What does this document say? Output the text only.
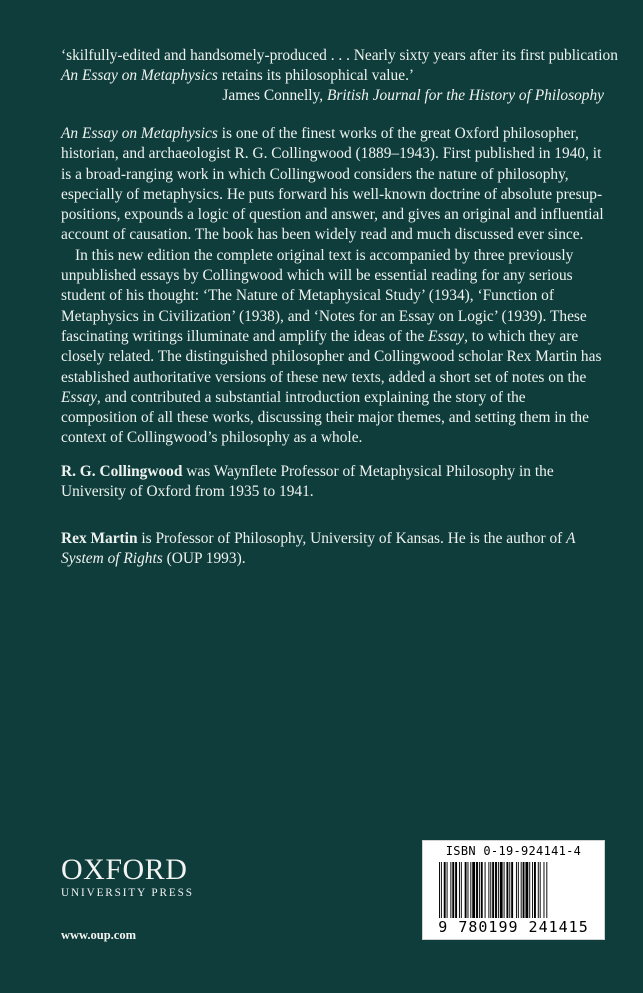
‘skilfully-edited and handsomely-produced . . . Nearly sixty years after its first publication
An Essay on Metaphysics retains its philosophical value.’
James Connelly, British Journal for the History of Philosophy

An Essay on Metaphysics is one of the finest works of the great Oxford philosopher, historian, and archaeologist R. G. Collingwood (1889–1943). First published in 1940, it is a broad-ranging work in which Collingwood considers the nature of philosophy, especially of metaphysics. He puts forward his well-known doctrine of absolute presup-positions, expounds a logic of question and answer, and gives an original and influential account of causation. The book has been widely read and much discussed ever since.

In this new edition the complete original text is accompanied by three previously unpublished essays by Collingwood which will be essential reading for any serious student of his thought: ‘The Nature of Metaphysical Study’ (1934), ‘Function of Metaphysics in Civilization’ (1938), and ‘Notes for an Essay on Logic’ (1939). These fascinating writings illuminate and amplify the ideas of the Essay, to which they are closely related. The distinguished philosopher and Collingwood scholar Rex Martin has established authoritative versions of these new texts, added a short set of notes on the Essay, and contributed a substantial introduction explaining the story of the composition of all these works, discussing their major themes, and setting them in the context of Collingwood’s philosophy as a whole.

R. G. Collingwood was Waynflete Professor of Metaphysical Philosophy in the University of Oxford from 1935 to 1941.

Rex Martin is Professor of Philosophy, University of Kansas. He is the author of A System of Rights (OUP 1993).

OXFORD
UNIVERSITY PRESS
www.oup.com
ISBN 0-19-924141-4
9 780199 241415
